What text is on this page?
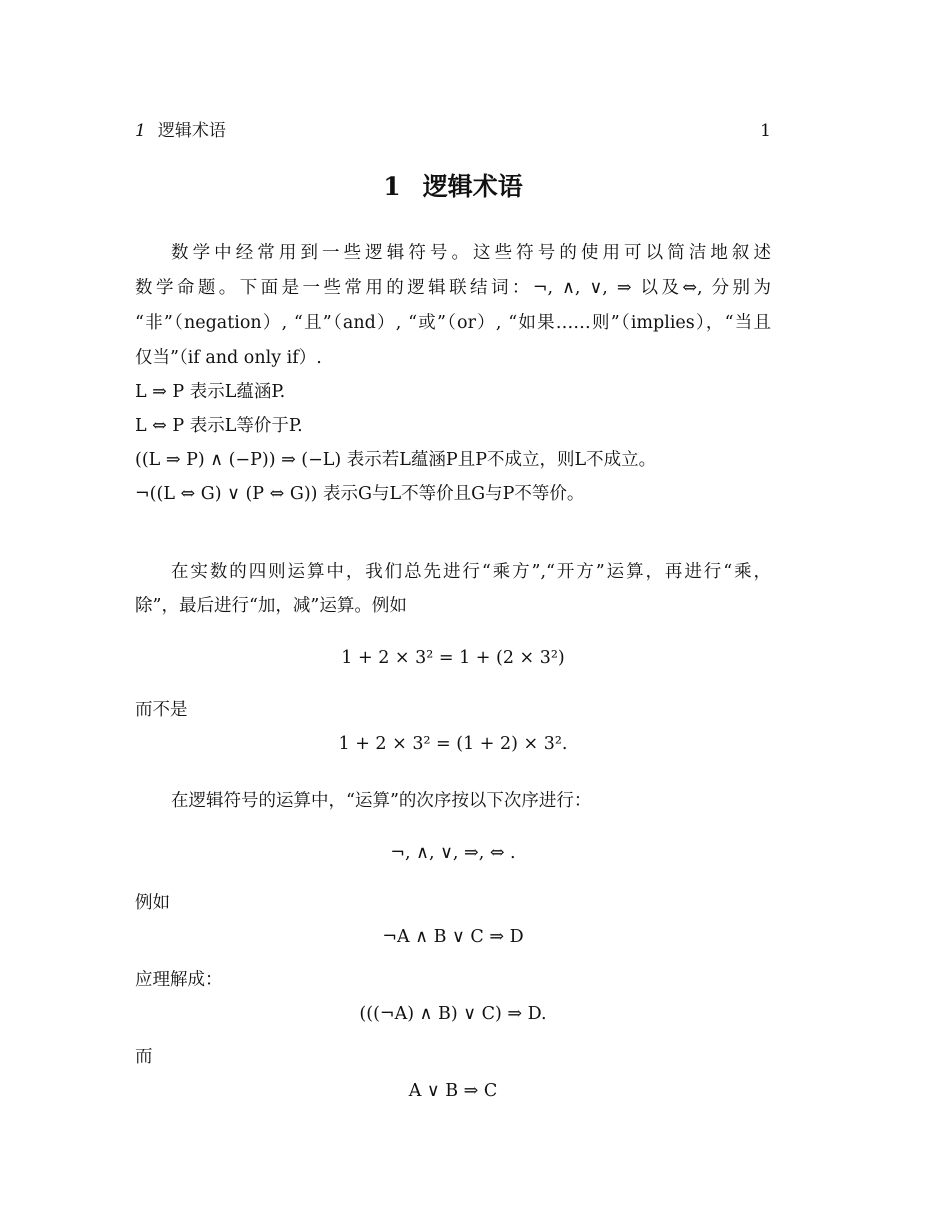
1 逻辑术语	1
1 逻辑术语
数学中经常用到一些逻辑符号。这些符号的使用可以简洁地叙述
数学命题。下面是一些常用的逻辑联结词：¬, ∧, ∨, ⇒ 以及⇔, 分别为
“非”（negation）, “且”（and）, “或”（or）, “如果……则”（implies），“当且
仅当”（if and only if）.
L ⇒ P 表示L蕴涵P.
L ⇔ P 表示L等价于P.
((L ⇒ P) ∧ (−P)) ⇒ (−L) 表示若L蕴涵P且P不成立，则L不成立。
¬((L ⇔ G) ∨ (P ⇔ G)) 表示G与L不等价且G与P不等价。
在实数的四则运算中，我们总先进行“乘方”,“开方”运算，再进行“乘，
除”，最后进行“加，减”运算。例如
1 + 2 × 3² = 1 + (2 × 3²)
而不是
1 + 2 × 3² = (1 + 2) × 3².
在逻辑符号的运算中，“运算”的次序按以下次序进行：
¬, ∧, ∨, ⇒, ⇔ .
例如
¬A ∧ B ∨ C ⇒ D
应理解成：
(((¬A) ∧ B) ∨ C) ⇒ D.
而
A ∨ B ⇒ C
